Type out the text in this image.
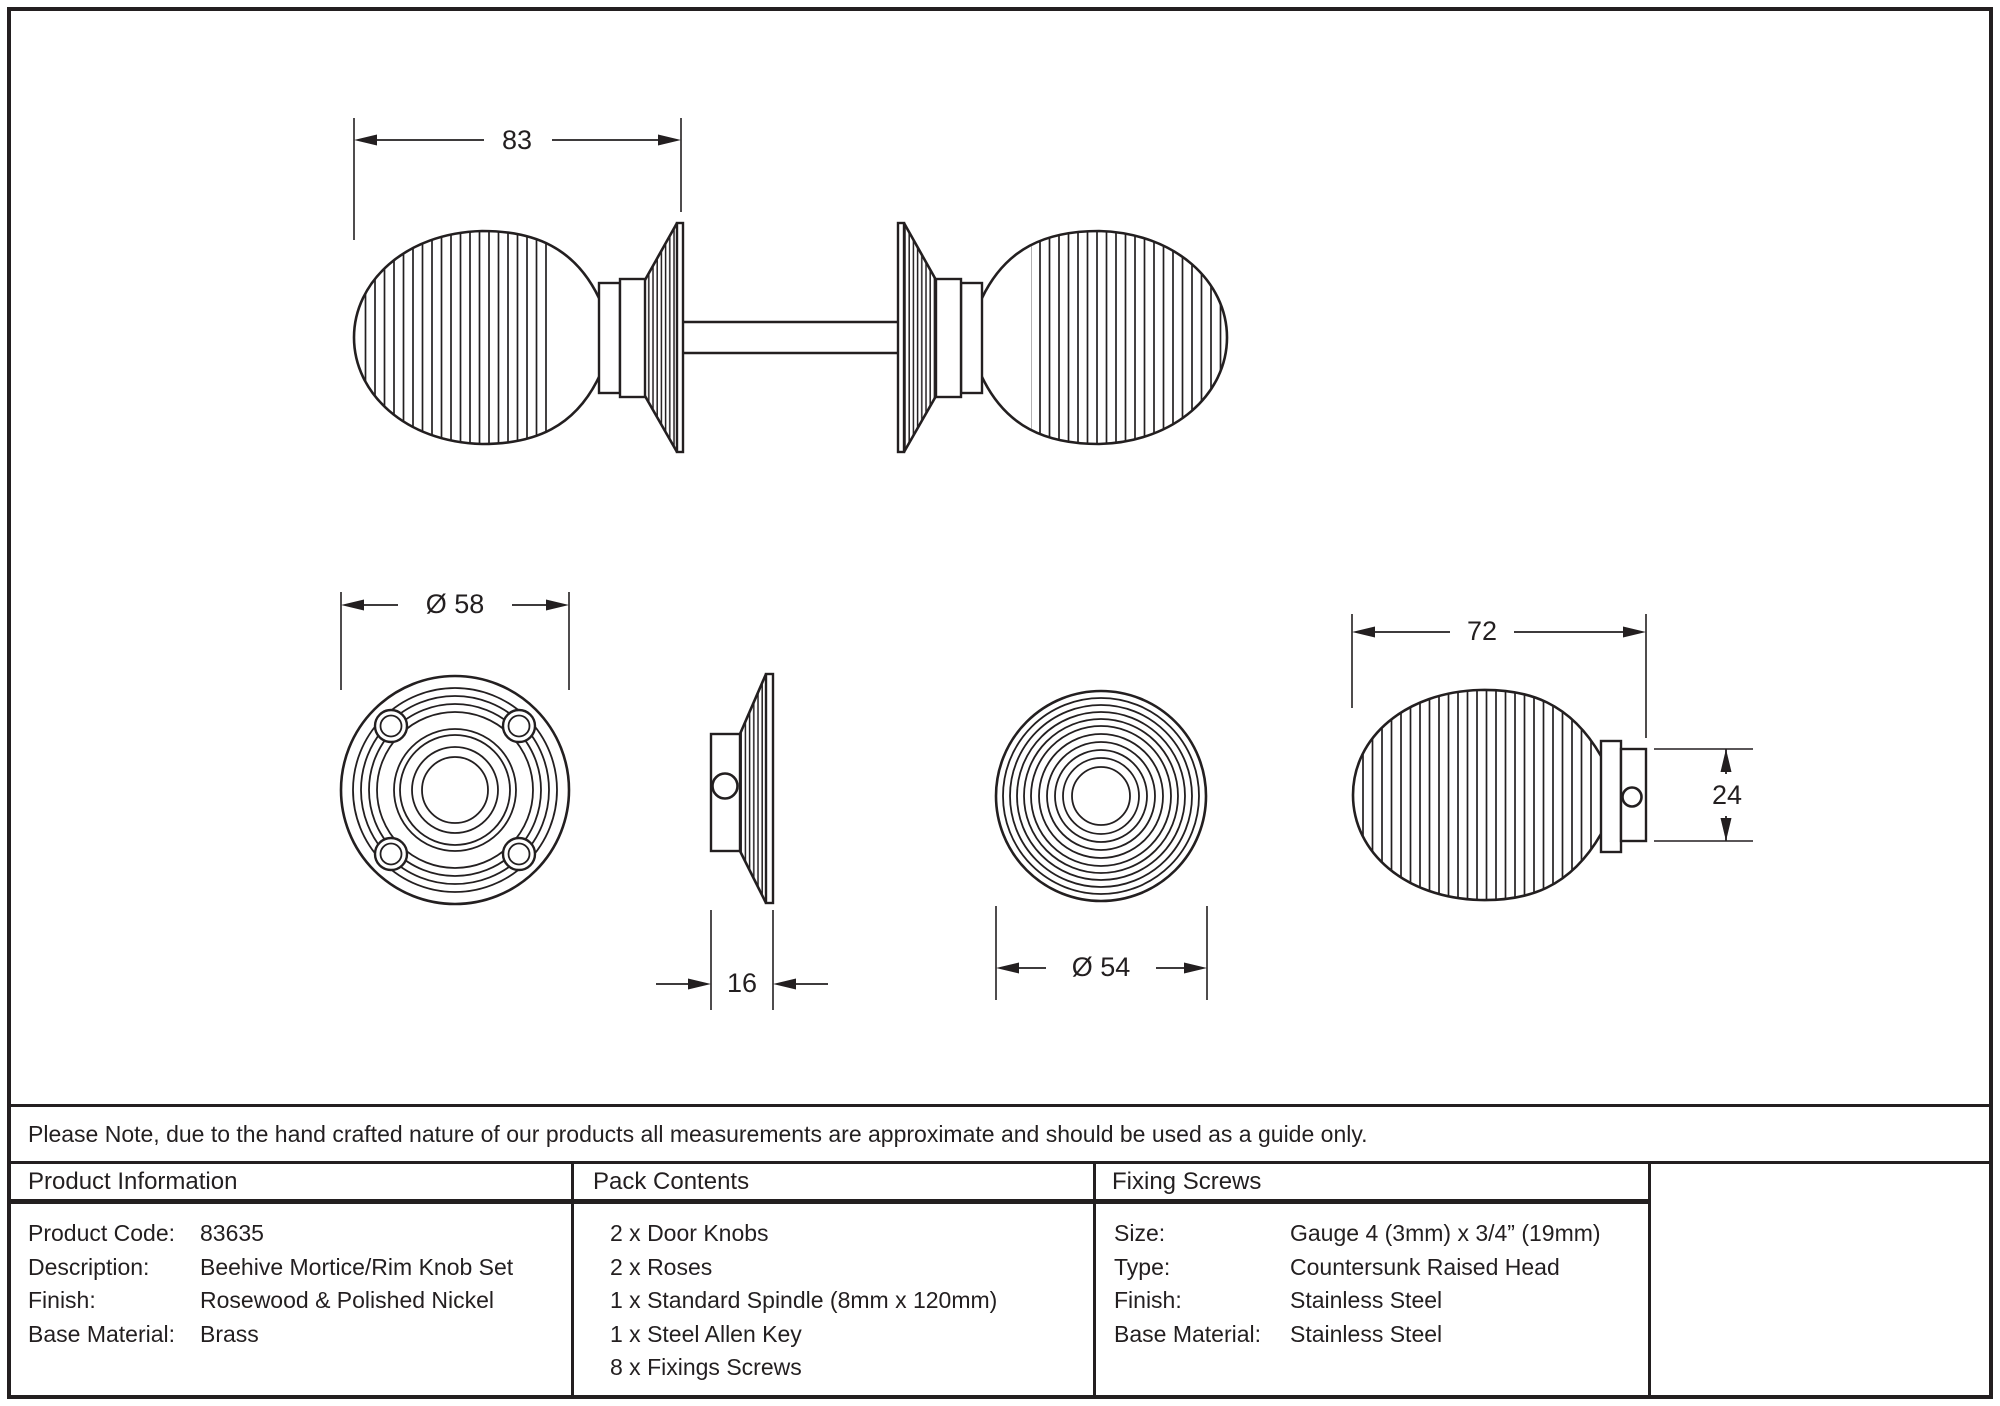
83
Ø 58
16
Ø 54
72
24
Please Note, due to the hand crafted nature of our products all measurements are approximate and should be used as a guide only.
Product Information	Pack Contents	Fixing Screws
Product Code:	83635
Description:	Beehive Mortice/Rim Knob Set
Finish:	Rosewood & Polished Nickel
Base Material:	Brass
2 x Door Knobs
2 x Roses
1 x Standard Spindle (8mm x 120mm)
1 x Steel Allen Key
8 x Fixings Screws
Size:	Gauge 4 (3mm) x 3/4” (19mm)
Type:	Countersunk Raised Head
Finish:	Stainless Steel
Base Material:	Stainless Steel
